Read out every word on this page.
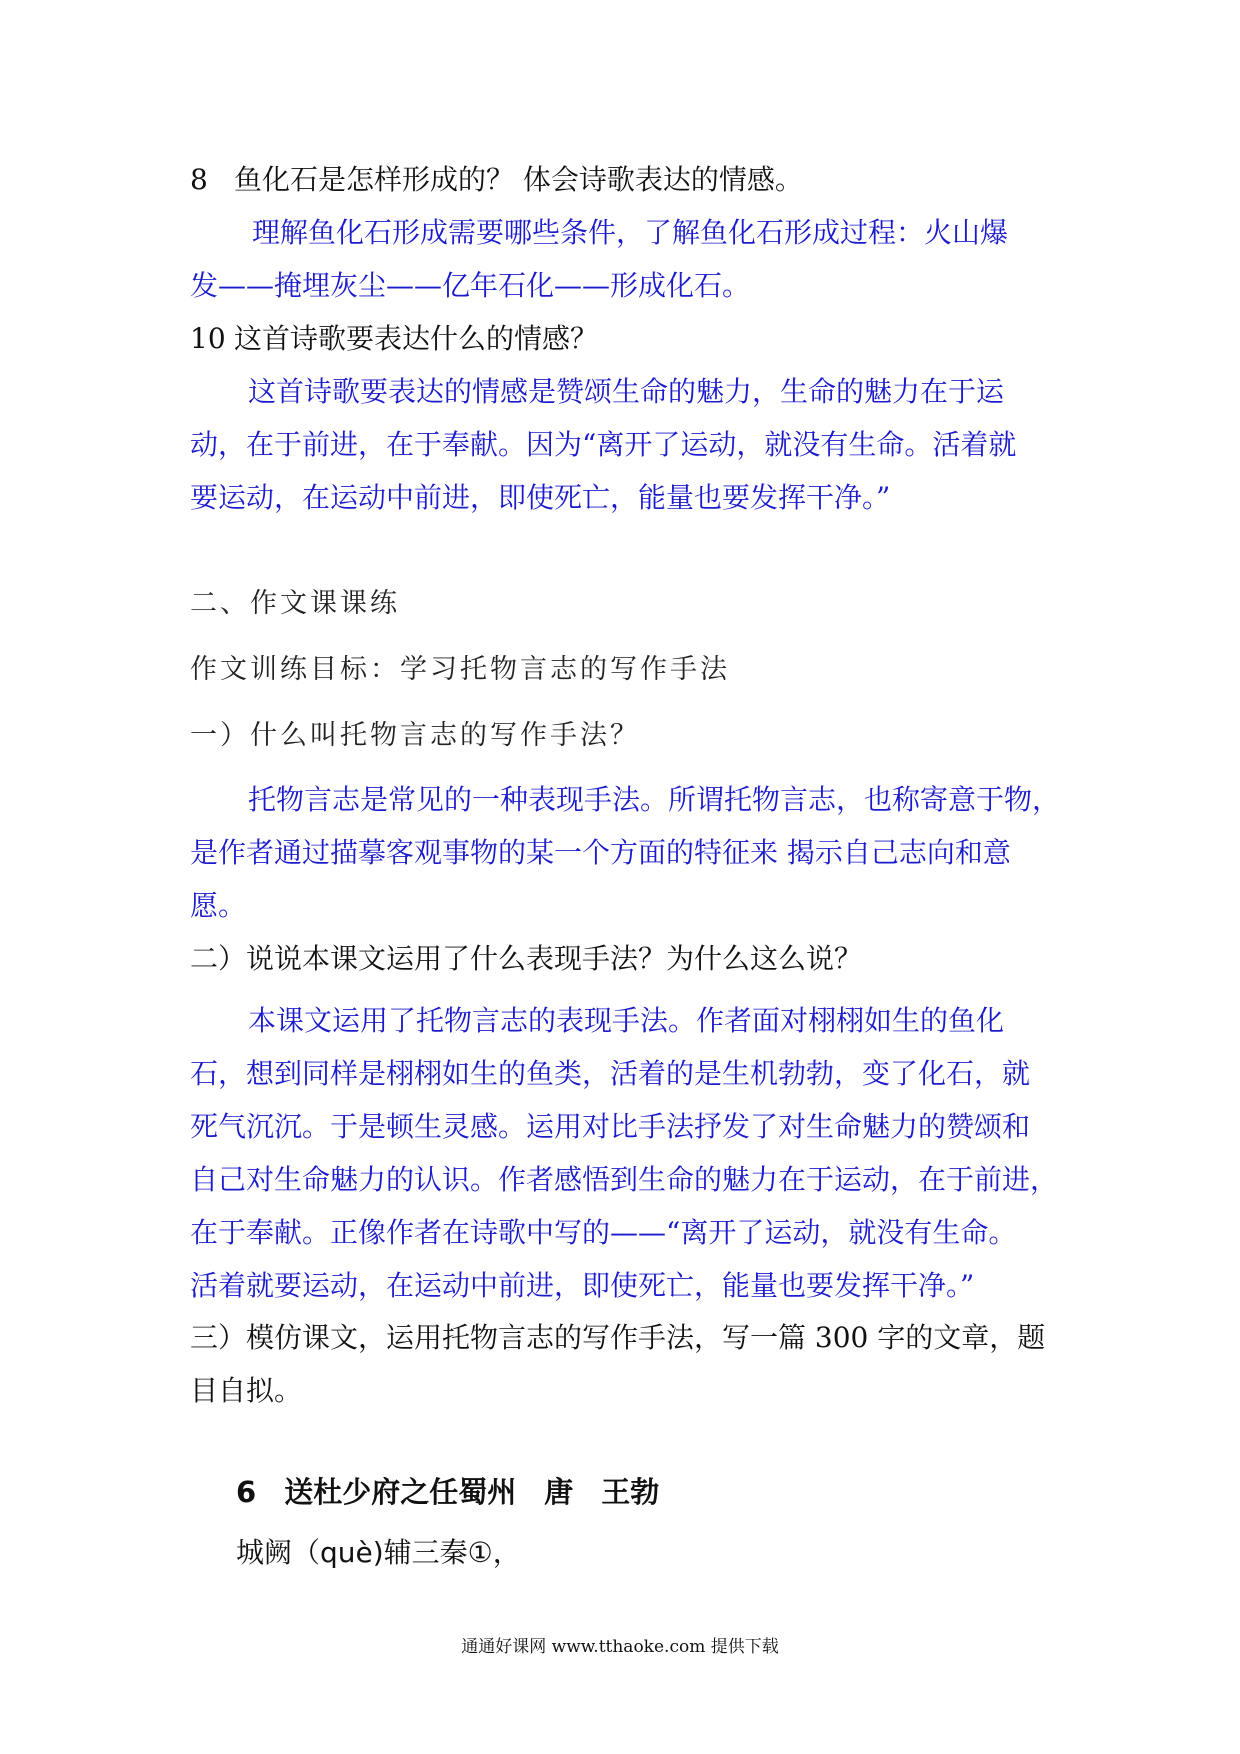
8 鱼化石是怎样形成的？ 体会诗歌表达的情感。
理解鱼化石形成需要哪些条件，了解鱼化石形成过程：火山爆
发——掩埋灰尘——亿年石化——形成化石。
10 这首诗歌要表达什么的情感？
这首诗歌要表达的情感是赞颂生命的魅力，生命的魅力在于运
动，在于前进，在于奉献。因为“离开了运动，就没有生命。活着就
要运动，在运动中前进，即使死亡，能量也要发挥干净。”
二、作文课课练
作文训练目标：学习托物言志的写作手法
一）什么叫托物言志的写作手法？
托物言志是常见的一种表现手法。所谓托物言志，也称寄意于物，
是作者通过描摹客观事物的某一个方面的特征来 揭示自己志向和意
愿。
二）说说本课文运用了什么表现手法？为什么这么说？
本课文运用了托物言志的表现手法。作者面对栩栩如生的鱼化
石，想到同样是栩栩如生的鱼类，活着的是生机勃勃，变了化石，就
死气沉沉。于是顿生灵感。运用对比手法抒发了对生命魅力的赞颂和
自己对生命魅力的认识。作者感悟到生命的魅力在于运动，在于前进，
在于奉献。正像作者在诗歌中写的——“离开了运动，就没有生命。
活着就要运动，在运动中前进，即使死亡，能量也要发挥干净。”
三）模仿课文，运用托物言志的写作手法，写一篇 300 字的文章，题
目自拟。
6 送杜少府之任蜀州 唐 王勃
城阙（què)辅三秦①，
通通好课网 www.tthaoke.com 提供下载
